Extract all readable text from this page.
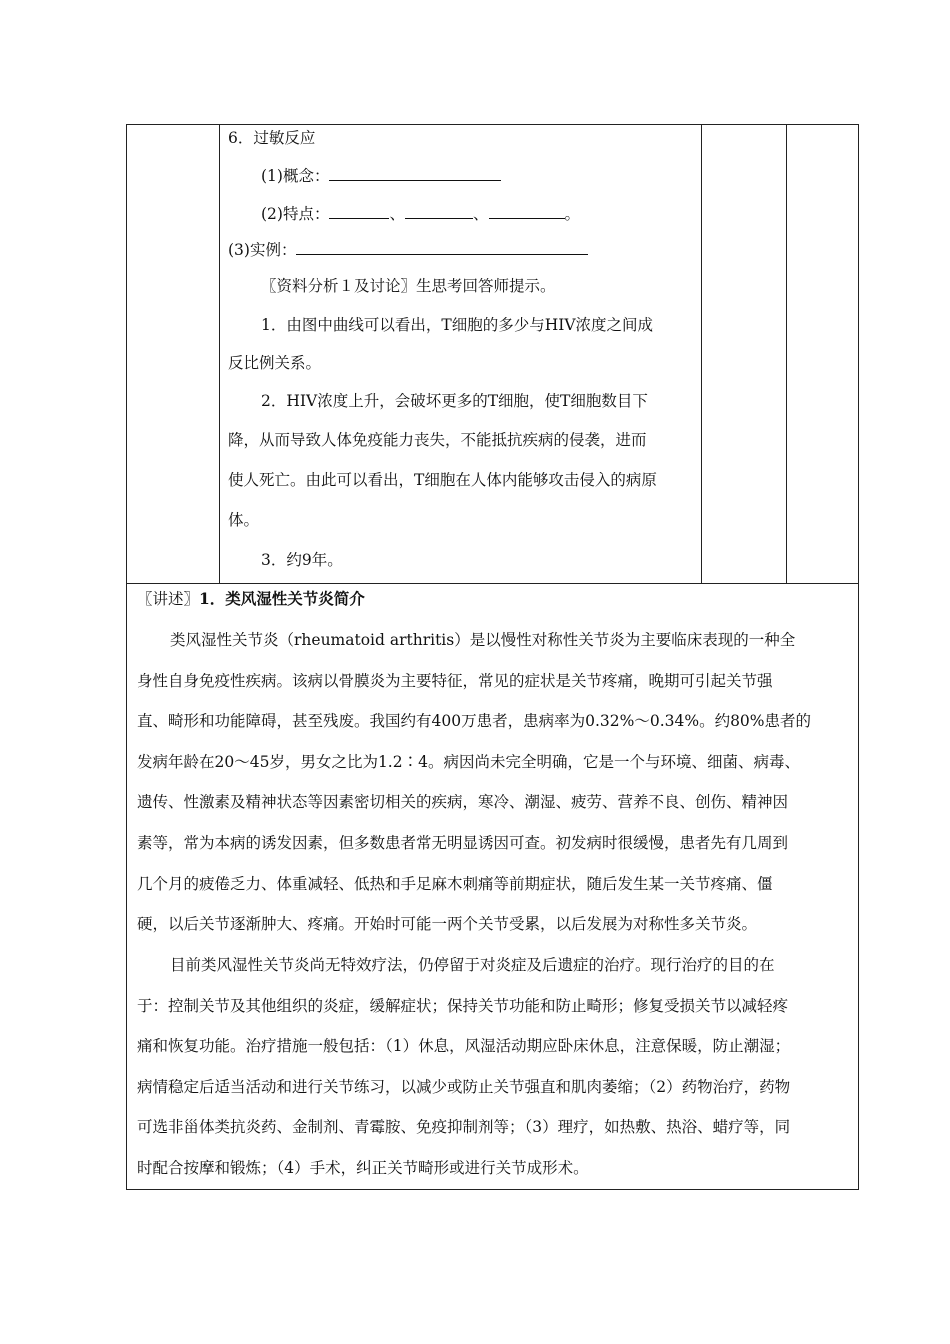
6．过敏反应
(1)概念：
(2)特点：	、	、	。
(3)实例：
〖资料分析１及讨论〗生思考回答师提示。
1．由图中曲线可以看出，T细胞的多少与HIV浓度之间成
反比例关系。
2．HIV浓度上升，会破坏更多的T细胞，使T细胞数目下
降，从而导致人体免疫能力丧失，不能抵抗疾病的侵袭，进而
使人死亡。由此可以看出，T细胞在人体内能够攻击侵入的病原
体。
3．约9年。
〖讲述〗1．类风湿性关节炎简介
类风湿性关节炎（rheumatoid arthritis）是以慢性对称性关节炎为主要临床表现的一种全
身性自身免疫性疾病。该病以骨膜炎为主要特征，常见的症状是关节疼痛，晚期可引起关节强
直、畸形和功能障碍，甚至残废。我国约有400万患者，患病率为0.32%～0.34%。约80%患者的
发病年龄在20～45岁，男女之比为1.2∶4。病因尚未完全明确，它是一个与环境、细菌、病毒、
遗传、性激素及精神状态等因素密切相关的疾病，寒冷、潮湿、疲劳、营养不良、创伤、精神因
素等，常为本病的诱发因素，但多数患者常无明显诱因可查。初发病时很缓慢，患者先有几周到
几个月的疲倦乏力、体重减轻、低热和手足麻木刺痛等前期症状，随后发生某一关节疼痛、僵
硬，以后关节逐渐肿大、疼痛。开始时可能一两个关节受累，以后发展为对称性多关节炎。
目前类风湿性关节炎尚无特效疗法，仍停留于对炎症及后遗症的治疗。现行治疗的目的在
于：控制关节及其他组织的炎症，缓解症状；保持关节功能和防止畸形；修复受损关节以减轻疼
痛和恢复功能。治疗措施一般包括：（1）休息，风湿活动期应卧床休息，注意保暖，防止潮湿；
病情稳定后适当活动和进行关节练习，以减少或防止关节强直和肌肉萎缩；（2）药物治疗，药物
可选非甾体类抗炎药、金制剂、青霉胺、免疫抑制剂等；（3）理疗，如热敷、热浴、蜡疗等，同
时配合按摩和锻炼；（4）手术，纠正关节畸形或进行关节成形术。
